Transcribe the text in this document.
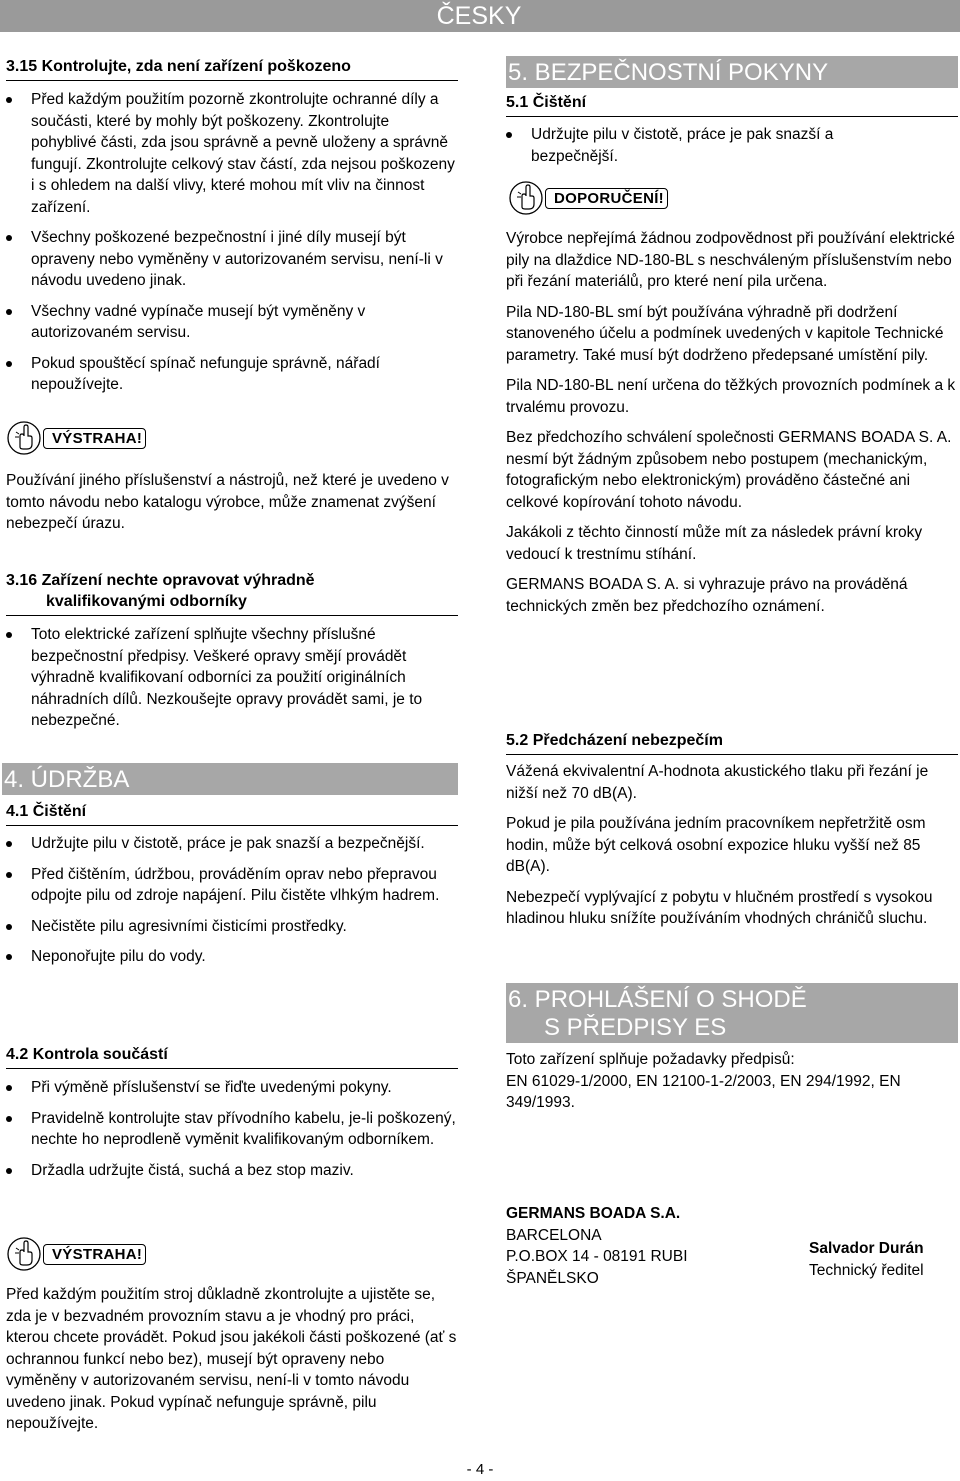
ČESKY
3.15 Kontrolujte, zda není zařízení poškozeno
Před každým použitím pozorně zkontrolujte ochranné díly a součásti, které by mohly být poškozeny. Zkontrolujte pohyblivé části, zda jsou správně a pevně uloženy a správně fungují. Zkontrolujte celkový stav částí, zda nejsou poškozeny i s ohledem na další vlivy, které mohou mít vliv na činnost zařízení.
Všechny poškozené bezpečnostní i jiné díly musejí být opraveny nebo vyměněny v autorizovaném servisu, není-li v návodu uvedeno jinak.
Všechny vadné vypínače musejí být vyměněny v autorizovaném servisu.
Pokud spouštěcí spínač nefunguje správně, nářadí nepoužívejte.
VÝSTRAHA!

Používání jiného příslušenství a nástrojů, než které je uvedeno v tomto návodu nebo katalogu výrobce, může znamenat zvýšení nebezpečí úrazu.

3.16 Zařízení nechte opravovat výhradně
kvalifikovanými odborníky
Toto elektrické zařízení splňujte všechny příslušné bezpečnostní předpisy. Veškeré opravy smějí provádět výhradně kvalifikovaní odborníci za použití originálních náhradních dílů. Nezkoušejte opravy provádět sami, je to nebezpečné.
4. ÚDRŽBA
4.1 Čištění
Udržujte pilu v čistotě, práce je pak snazší a bezpečnější.
Před čištěním, údržbou, prováděním oprav nebo přepravou odpojte pilu od zdroje napájení. Pilu čistěte vlhkým hadrem.
Nečistěte pilu agresivními čisticími prostředky.
Neponořujte pilu do vody.
4.2 Kontrola součástí
Při výměně příslušenství se řiďte uvedenými pokyny.
Pravidelně kontrolujte stav přívodního kabelu, je-li poškozený, nechte ho neprodleně vyměnit kvalifikovaným odborníkem.
Držadla udržujte čistá, suchá a bez stop maziv.
VÝSTRAHA!

Před každým použitím stroj důkladně zkontrolujte a ujistěte se, zda je v bezvadném provozním stavu a je vhodný pro práci, kterou chcete provádět. Pokud jsou jakékoli části poškozené (ať s ochrannou funkcí nebo bez), musejí být opraveny nebo vyměněny v autorizovaném servisu, není-li v tomto návodu uvedeno jinak. Pokud vypínač nefunguje správně, pilu nepoužívejte.

5. BEZPEČNOSTNÍ POKYNY
5.1 Čištění
Udržujte pilu v čistotě, práce je pak snazší a bezpečnější.
DOPORUČENÍ!

Výrobce nepřejímá žádnou zodpovědnost při používání elektrické pily na dlaždice ND-180-BL s neschváleným příslušenstvím nebo při řezání materiálů, pro které není pila určena.

Pila ND-180-BL smí být používána výhradně při dodržení stanoveného účelu a podmínek uvedených v kapitole Technické parametry. Také musí být dodrženo předepsané umístění pily.

Pila ND-180-BL není určena do těžkých provozních podmínek a k trvalému provozu.

Bez předchozího schválení společnosti GERMANS BOADA S. A. nesmí být žádným způsobem nebo postupem (mechanickým, fotografickým nebo elektronickým) prováděno částečné ani celkové kopírování tohoto návodu.

Jakákoli z těchto činností může mít za následek právní kroky vedoucí k trestnímu stíhání.

GERMANS BOADA S. A. si vyhrazuje právo na prováděná technických změn bez předchozího oznámení.

5.2 Předcházení nebezpečím

Vážená ekvivalentní A-hodnota akustického tlaku při řezání je nižší než 70 dB(A).

Pokud je pila používána jedním pracovníkem nepřetržitě osm hodin, může být celková osobní expozice hluku vyšší než 85 dB(A).

Nebezpečí vyplývající z pobytu v hlučném prostředí s vysokou hladinou hluku snížíte používáním vhodných chráničů sluchu.

6. PROHLÁŠENÍ O SHODĚ
S PŘEDPISY ES
Toto zařízení splňuje požadavky předpisů:
EN 61029-1/2000, EN 12100-1-2/2003, EN 294/1992, EN 349/1993.
GERMANS BOADA S.A.
BARCELONA
P.O.BOX 14 - 08191 RUBI
ŠPANĚLSKO
Salvador Durán
Technický ředitel
- 4 -
